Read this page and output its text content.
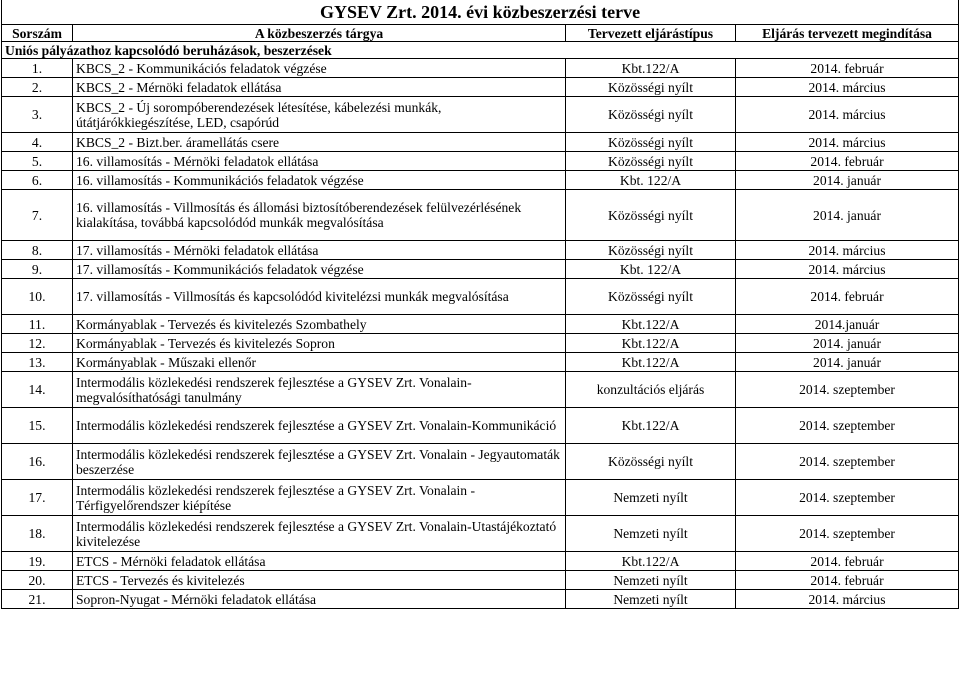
GYSEV Zrt. 2014. évi közbeszerzési terve			
Sorszám	A közbeszerzés tárgya	Tervezett eljárástípus	Eljárás tervezett megindítása
Uniós pályázathoz kapcsolódó beruházások, beszerzések			
1.	KBCS_2 - Kommunikációs feladatok végzése	Kbt.122/A	2014. február
2.	KBCS_2 - Mérnöki feladatok ellátása	Közösségi nyílt	2014. március
3.	KBCS_2 - Új sorompóberendezések létesítése, kábelezési munkák, útátjárókkiegészítése, LED, csapórúd	Közösségi nyílt	2014. március
4.	KBCS_2 - Bizt.ber. áramellátás csere	Közösségi nyílt	2014. március
5.	16. villamosítás - Mérnöki feladatok ellátása	Közösségi nyílt	2014. február
6.	16. villamosítás - Kommunikációs feladatok végzése	Kbt. 122/A	2014. január
7.	16. villamosítás - Villmosítás és állomási biztosítóberendezések felülvezérlésének kialakítása, továbbá kapcsolódód munkák megvalósítása	Közösségi nyílt	2014. január
8.	17. villamosítás - Mérnöki feladatok ellátása	Közösségi nyílt	2014. március
9.	17. villamosítás - Kommunikációs feladatok végzése	Kbt. 122/A	2014. március
10.	17. villamosítás - Villmosítás és kapcsolódód kivitelézsi munkák megvalósítása	Közösségi nyílt	2014. február
11.	Kormányablak - Tervezés és kivitelezés Szombathely	Kbt.122/A	2014.január
12.	Kormányablak - Tervezés és kivitelezés Sopron	Kbt.122/A	2014. január
13.	Kormányablak - Műszaki ellenőr	Kbt.122/A	2014. január
14.	Intermodális közlekedési rendszerek fejlesztése a GYSEV Zrt. Vonalain-megvalósíthatósági tanulmány	konzultációs eljárás	2014. szeptember
15.	Intermodális közlekedési rendszerek fejlesztése a GYSEV Zrt. Vonalain-Kommunikáció	Kbt.122/A	2014. szeptember
16.	Intermodális közlekedési rendszerek fejlesztése a GYSEV Zrt. Vonalain - Jegyautomaták beszerzése	Közösségi nyílt	2014. szeptember
17.	Intermodális közlekedési rendszerek fejlesztése a GYSEV Zrt. Vonalain - Térfigyelőrendszer kiépítése	Nemzeti nyílt	2014. szeptember
18.	Intermodális közlekedési rendszerek fejlesztése a GYSEV Zrt. Vonalain-Utastájékoztató kivitelezése	Nemzeti nyílt	2014. szeptember
19.	ETCS - Mérnöki feladatok ellátása	Kbt.122/A	2014. február
20.	ETCS - Tervezés és kivitelezés	Nemzeti nyílt	2014. február
21.	Sopron-Nyugat - Mérnöki feladatok ellátása	Nemzeti nyílt	2014. március
